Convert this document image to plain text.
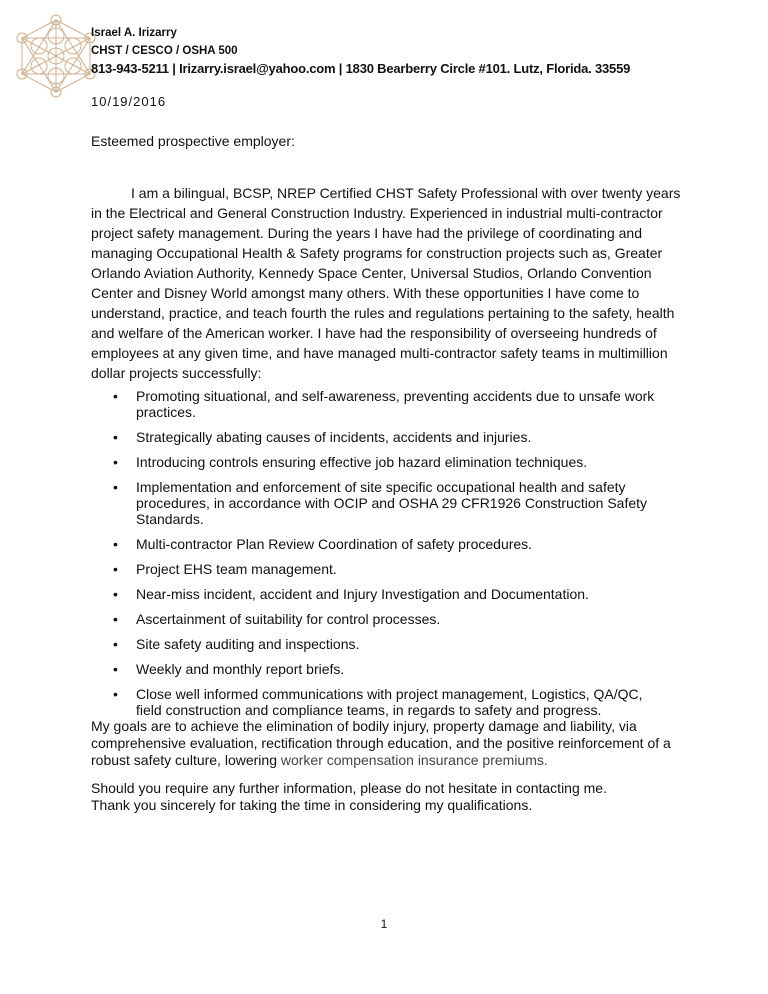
Israel A. Irizarry
CHST / CESCO / OSHA 500
813-943-5211 | Irizarry.israel@yahoo.com | 1830 Bearberry Circle #101. Lutz, Florida. 33559
10/19/2016
Esteemed prospective employer:
I am a bilingual, BCSP, NREP Certified CHST Safety Professional with over twenty years in the Electrical and General Construction Industry. Experienced in industrial multi-contractor project safety management. During the years I have had the privilege of coordinating and managing Occupational Health & Safety programs for construction projects such as, Greater Orlando Aviation Authority, Kennedy Space Center, Universal Studios, Orlando Convention Center and Disney World amongst many others. With these opportunities I have come to understand, practice, and teach fourth the rules and regulations pertaining to the safety, health and welfare of the American worker. I have had the responsibility of overseeing hundreds of employees at any given time, and have managed multi-contractor safety teams in multimillion dollar projects successfully:
• Promoting situational, and self-awareness, preventing accidents due to unsafe work practices.
• Strategically abating causes of incidents, accidents and injuries.
• Introducing controls ensuring effective job hazard elimination techniques.
• Implementation and enforcement of site specific occupational health and safety procedures, in accordance with OCIP and OSHA 29 CFR1926 Construction Safety Standards.
• Multi-contractor Plan Review Coordination of safety procedures.
• Project EHS team management.
• Near-miss incident, accident and Injury Investigation and Documentation.
• Ascertainment of suitability for control processes.
• Site safety auditing and inspections.
• Weekly and monthly report briefs.
• Close well informed communications with project management, Logistics, QA/QC, field construction and compliance teams, in regards to safety and progress.
My goals are to achieve the elimination of bodily injury, property damage and liability, via comprehensive evaluation, rectification through education, and the positive reinforcement of a robust safety culture, lowering worker compensation insurance premiums.
Should you require any further information, please do not hesitate in contacting me.
Thank you sincerely for taking the time in considering my qualifications.
1
